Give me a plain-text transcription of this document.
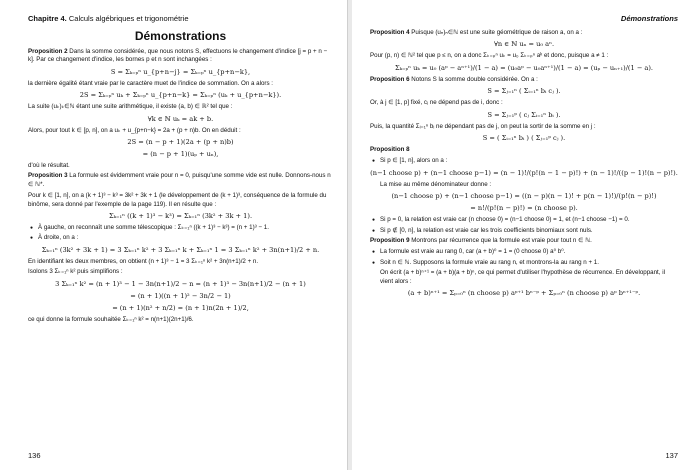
Chapitre 4. Calculs algébriques et trigonométrie
Démonstrations
Proposition 2 Dans la somme considérée, que nous notons S, effectuons le changement d'indice [j = p + n − k]. Par ce changement d'indice, les bornes p et n sont inchangées :
S = Σₖ₌ₚⁿ u_{p+n−j} = Σₖ₌ₚⁿ u_{p+n−k},
la dernière égalité étant vraie par le caractère muet de l'indice de sommation. On a alors :
2S = Σₖ₌ₚⁿ uₖ + Σₖ₌ₚⁿ u_{p+n−k} = Σₖ₌ₚⁿ (uₖ + u_{p+n−k}).
La suite (uₖ)ₖ∈ℕ étant une suite arithmétique, il existe (a, b) ∈ ℝ² tel que :
∀k ∈ ℕ uₖ = ak + b.
Alors, pour tout k ∈ [p, n], on a uₖ + u_{p+n−k} = 2a + (p + n)b. On en déduit :
2S = (n − p + 1)(2a + (p + n)b)
= (n − p + 1)(uₚ + uₙ),
d'où le résultat.
Proposition 3 La formule est évidemment vraie pour n = 0, puisqu'une somme vide est nulle. Donnons-nous n ∈ ℕ*.
Pour k ∈ [1, n], on a (k + 1)³ − k³ = 3k² + 3k + 1 (le développement de (k + 1)³, conséquence de la formule du binôme, sera donné par l'exemple de la page 119). Il en résulte que :
Σₖ₌₁ⁿ ((k + 1)³ − k³) = Σₖ₌₁ⁿ (3k² + 3k + 1).
● À gauche, on reconnaît une somme télescopique : Σₖ₌₁ⁿ ((k + 1)³ − k³) = (n + 1)³ − 1.
● À droite, on a :
Σₖ₌₁ⁿ (3k² + 3k + 1) = 3 Σₖ₌₁ⁿ k² + 3 Σₖ₌₁ⁿ k + Σₖ₌₁ⁿ 1 = 3 Σₖ₌₁ⁿ k² + 3n(n+1)/2 + n.
En identifiant les deux membres, on obtient (n + 1)³ − 1 = 3 Σₖ₌₁ⁿ k² + 3n(n+1)/2 + n.
Isolons 3 Σₖ₌₁ⁿ k² puis simplifions :
3 Σₖ₌₁ⁿ k² = (n + 1)³ − 1 − 3n(n+1)/2 − n = (n + 1)³ − 3n(n+1)/2 − (n + 1)
= (n + 1)((n + 1)² − 3n/2 − 1)
= (n + 1)(n² + n/2) = (n + 1)n(2n + 1)/2,
ce qui donne la formule souhaitée Σₖ₌₁ⁿ k² = n(n+1)(2n+1)/6.
136
Démonstrations
Proposition 4 Puisque (uₙ)ₙ∈ℕ est une suite géométrique de raison a, on a :
∀n ∈ ℕ uₙ = u₀ aⁿ.
Pour (p, n) ∈ ℕ² tel que p ≤ n, on a donc Σₖ₌ₚⁿ uₖ = u₀ Σₖ₌ₚⁿ aᵏ et donc, puisque a ≠ 1 :
Σₖ₌ₚⁿ uₖ = u₀ (aᵖ − aⁿ⁺¹)/(1 − a) = (u₀aᵖ − u₀aⁿ⁺¹)/(1 − a) = (uₚ − uₙ₊₁)/(1 − a).
Proposition 6 Notons S la somme double considérée. On a :
S = Σⱼ₌₁ⁿ ( Σᵢ₌₁ⁿ bᵢ cⱼ ).
Or, à j ∈ [1, p] fixé, cⱼ ne dépend pas de i, donc :
S = Σⱼ₌₁ᵖ ( cⱼ Σᵢ₌₁ⁿ bᵢ ).
Puis, la quantité Σᵢ₌₁ⁿ bᵢ ne dépendant pas de j, on peut la sortir de la somme en j :
S = ( Σᵢ₌₁ⁿ bᵢ ) ( Σⱼ₌₁ᵖ cⱼ ).
Proposition 8
● Si p ∈ [1, n], alors on a :
(n−1 choose p) + (n−1 choose p−1) = (n − 1)!/(p!(n − 1 − p)!) + (n − 1)!/((p − 1)!(n − p)!).
La mise au même dénominateur donne :
(n−1 choose p) + (n−1 choose p−1) = ((n − p)(n − 1)! + p(n − 1)!)/(p!(n − p)!)
= n!/(p!(n − p)!) = (n choose p).
● Si p = 0, la relation est vraie car (n choose 0) = (n−1 choose 0) = 1, et (n−1 choose −1) = 0.
● Si p ∉ [0, n], la relation est vraie car les trois coefficients binomiaux sont nuls.
Proposition 9 Montrons par récurrence que la formule est vraie pour tout n ∈ ℕ.
● La formule est vraie au rang 0, car (a + b)⁰ = 1 = (0 choose 0) a⁰ b⁰.
● Soit n ∈ ℕ. Supposons la formule vraie au rang n, et montrons-la au rang n + 1.
On écrit (a + b)ⁿ⁺¹ = (a + b)(a + b)ⁿ, ce qui permet d'utiliser l'hypothèse de récurrence. En développant, il vient alors :
(a + b)ⁿ⁺¹ = Σₚ₌₀ⁿ (n choose p) aᵖ⁺¹ bⁿ⁻ᵖ + Σₚ₌₀ⁿ (n choose p) aᵖ bⁿ⁺¹⁻ᵖ.
137
